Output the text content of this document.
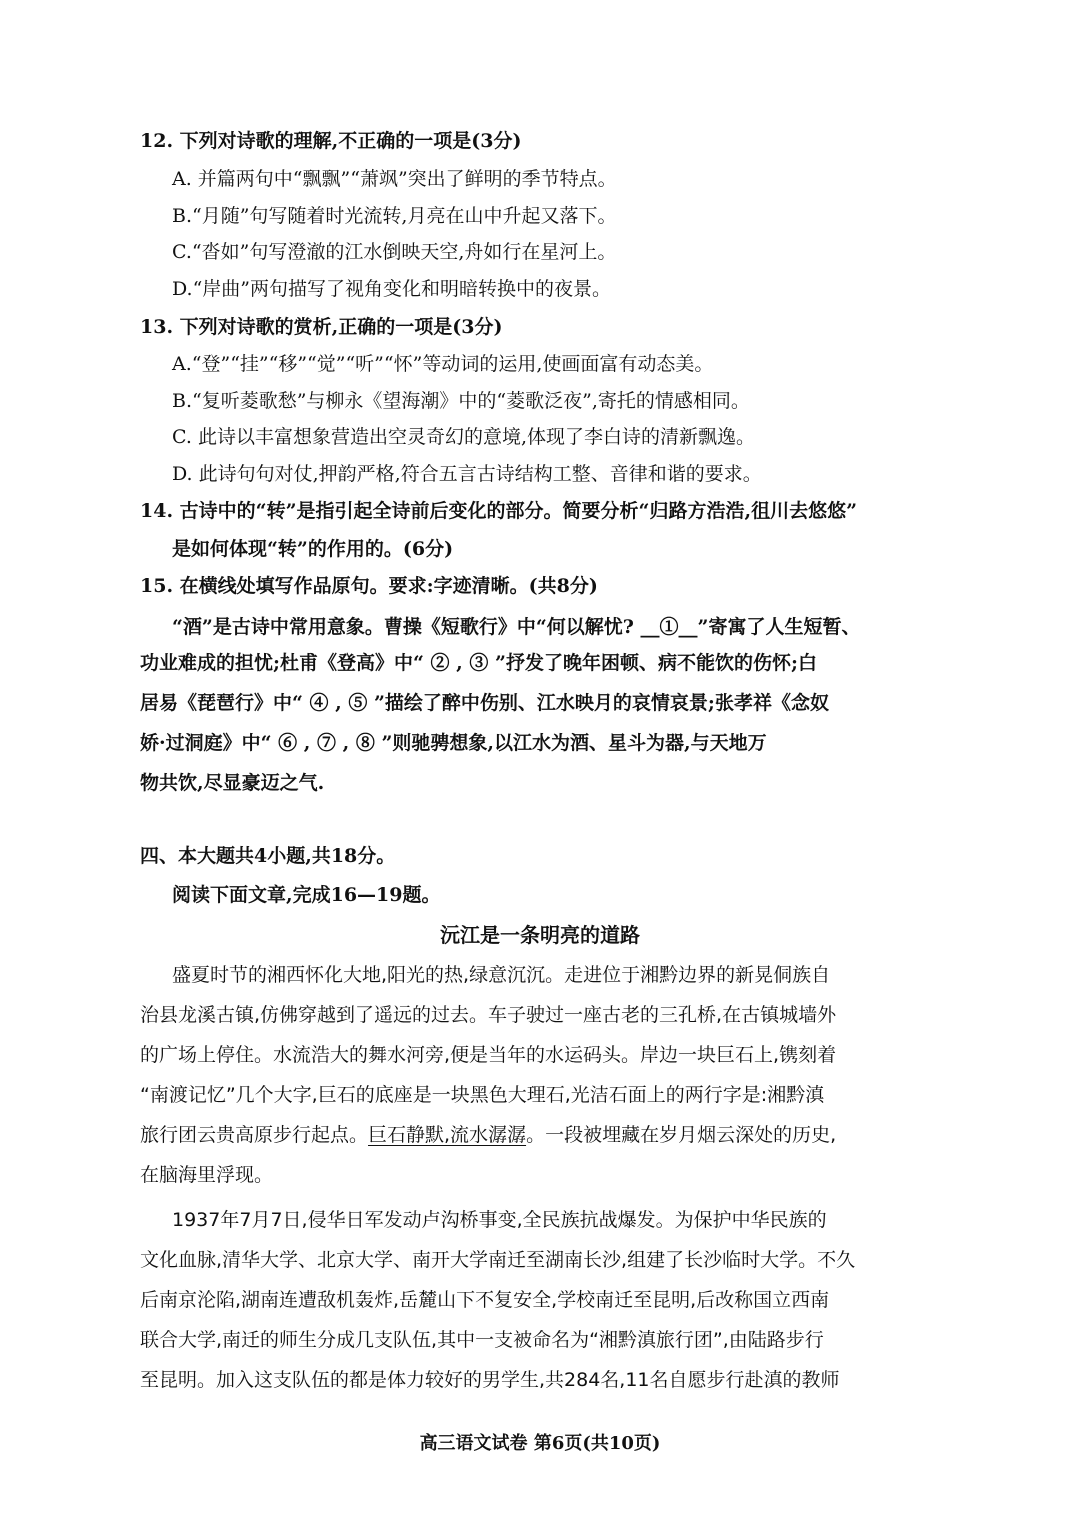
12. 下列对诗歌的理解,不正确的一项是(3分)
A. 并篇两句中“飘飘”“萧飒”突出了鲜明的季节特点。
B.“月随”句写随着时光流转,月亮在山中升起又落下。
C.“沓如”句写澄澈的江水倒映天空,舟如行在星河上。
D.“岸曲”两句描写了视角变化和明暗转换中的夜景。
13. 下列对诗歌的赏析,正确的一项是(3分)
A.“登”“挂”“移”“觉”“听”“怀”等动词的运用,使画面富有动态美。
B.“复听菱歌愁”与柳永《望海潮》中的“菱歌泛夜”,寄托的情感相同。
C. 此诗以丰富想象营造出空灵奇幻的意境,体现了李白诗的清新飘逸。
D. 此诗句句对仗,押韵严格,符合五言古诗结构工整、音律和谐的要求。
14. 古诗中的“转”是指引起全诗前后变化的部分。简要分析“归路方浩浩,徂川去悠悠”
是如何体现“转”的作用的。(6分)
15. 在横线处填写作品原句。要求:字迹清晰。(共8分)
“酒”是古诗中常用意象。曹操《短歌行》中“何以解忧? __①__”寄寓了人生短暂、
功业难成的担忧;杜甫《登高》中“ ② , ③ ”抒发了晚年困顿、病不能饮的伤怀;白
居易《琵琶行》中“ ④ , ⑤ ”描绘了醉中伤别、江水映月的哀情哀景;张孝祥《念奴
娇·过洞庭》中“ ⑥ , ⑦ , ⑧ ”则驰骋想象,以江水为酒、星斗为器,与天地万
物共饮,尽显豪迈之气.
四、本大题共4小题,共18分。
阅读下面文章,完成16—19题。
沅江是一条明亮的道路
盛夏时节的湘西怀化大地,阳光的热,绿意沉沉。走进位于湘黔边界的新晃侗族自
治县龙溪古镇,仿佛穿越到了遥远的过去。车子驶过一座古老的三孔桥,在古镇城墙外
的广场上停住。水流浩大的舞水河旁,便是当年的水运码头。岸边一块巨石上,镌刻着
“南渡记忆”几个大字,巨石的底座是一块黑色大理石,光洁石面上的两行字是:湘黔滇
旅行团云贵高原步行起点。巨石静默,流水潺潺。一段被埋藏在岁月烟云深处的历史,
在脑海里浮现。
1937年7月7日,侵华日军发动卢沟桥事变,全民族抗战爆发。为保护中华民族的
文化血脉,清华大学、北京大学、南开大学南迁至湖南长沙,组建了长沙临时大学。不久
后南京沦陷,湖南连遭敌机轰炸,岳麓山下不复安全,学校南迁至昆明,后改称国立西南
联合大学,南迁的师生分成几支队伍,其中一支被命名为“湘黔滇旅行团”,由陆路步行
至昆明。加入这支队伍的都是体力较好的男学生,共284名,11名自愿步行赴滇的教师
高三语文试卷 第6页(共10页)
